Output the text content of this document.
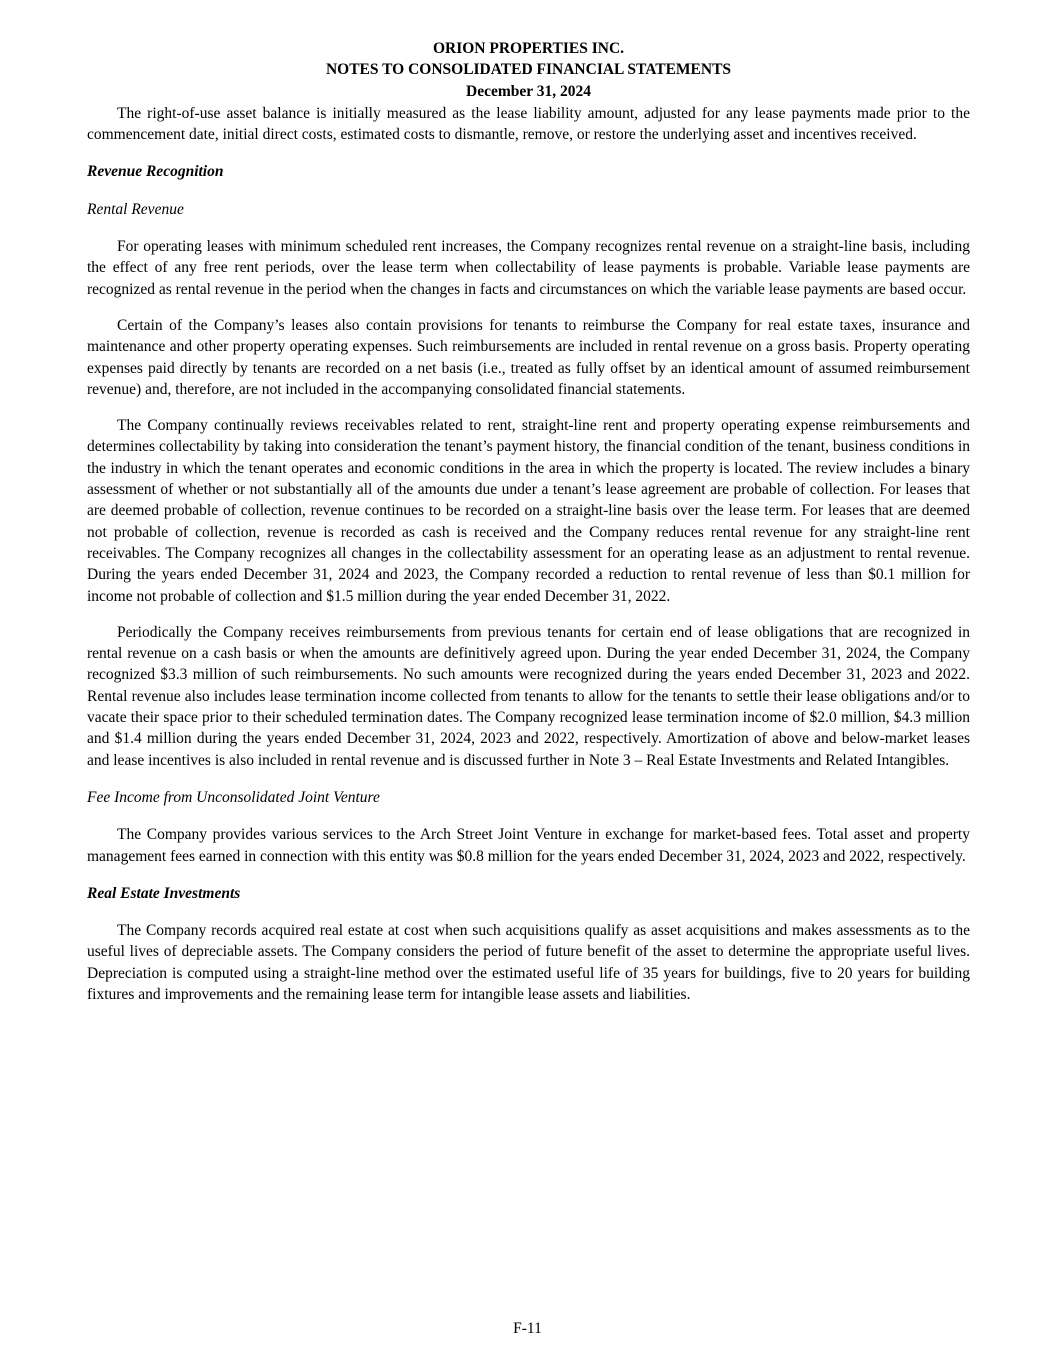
ORION PROPERTIES INC.
NOTES TO CONSOLIDATED FINANCIAL STATEMENTS
December 31, 2024

The right-of-use asset balance is initially measured as the lease liability amount, adjusted for any lease payments made prior to the commencement date, initial direct costs, estimated costs to dismantle, remove, or restore the underlying asset and incentives received.

Revenue Recognition
Rental Revenue

For operating leases with minimum scheduled rent increases, the Company recognizes rental revenue on a straight-line basis, including the effect of any free rent periods, over the lease term when collectability of lease payments is probable. Variable lease payments are recognized as rental revenue in the period when the changes in facts and circumstances on which the variable lease payments are based occur.

Certain of the Company’s leases also contain provisions for tenants to reimburse the Company for real estate taxes, insurance and maintenance and other property operating expenses. Such reimbursements are included in rental revenue on a gross basis. Property operating expenses paid directly by tenants are recorded on a net basis (i.e., treated as fully offset by an identical amount of assumed reimbursement revenue) and, therefore, are not included in the accompanying consolidated financial statements.

The Company continually reviews receivables related to rent, straight-line rent and property operating expense reimbursements and determines collectability by taking into consideration the tenant’s payment history, the financial condition of the tenant, business conditions in the industry in which the tenant operates and economic conditions in the area in which the property is located. The review includes a binary assessment of whether or not substantially all of the amounts due under a tenant’s lease agreement are probable of collection. For leases that are deemed probable of collection, revenue continues to be recorded on a straight-line basis over the lease term. For leases that are deemed not probable of collection, revenue is recorded as cash is received and the Company reduces rental revenue for any straight-line rent receivables. The Company recognizes all changes in the collectability assessment for an operating lease as an adjustment to rental revenue. During the years ended December 31, 2024 and 2023, the Company recorded a reduction to rental revenue of less than $0.1 million for income not probable of collection and $1.5 million during the year ended December 31, 2022.

Periodically the Company receives reimbursements from previous tenants for certain end of lease obligations that are recognized in rental revenue on a cash basis or when the amounts are definitively agreed upon. During the year ended December 31, 2024, the Company recognized $3.3 million of such reimbursements. No such amounts were recognized during the years ended December 31, 2023 and 2022. Rental revenue also includes lease termination income collected from tenants to allow for the tenants to settle their lease obligations and/or to vacate their space prior to their scheduled termination dates. The Company recognized lease termination income of $2.0 million, $4.3 million and $1.4 million during the years ended December 31, 2024, 2023 and 2022, respectively. Amortization of above and below-market leases and lease incentives is also included in rental revenue and is discussed further in Note 3 – Real Estate Investments and Related Intangibles.

Fee Income from Unconsolidated Joint Venture

The Company provides various services to the Arch Street Joint Venture in exchange for market-based fees. Total asset and property management fees earned in connection with this entity was $0.8 million for the years ended December 31, 2024, 2023 and 2022, respectively.

Real Estate Investments

The Company records acquired real estate at cost when such acquisitions qualify as asset acquisitions and makes assessments as to the useful lives of depreciable assets. The Company considers the period of future benefit of the asset to determine the appropriate useful lives. Depreciation is computed using a straight-line method over the estimated useful life of 35 years for buildings, five to 20 years for building fixtures and improvements and the remaining lease term for intangible lease assets and liabilities.

F-11
